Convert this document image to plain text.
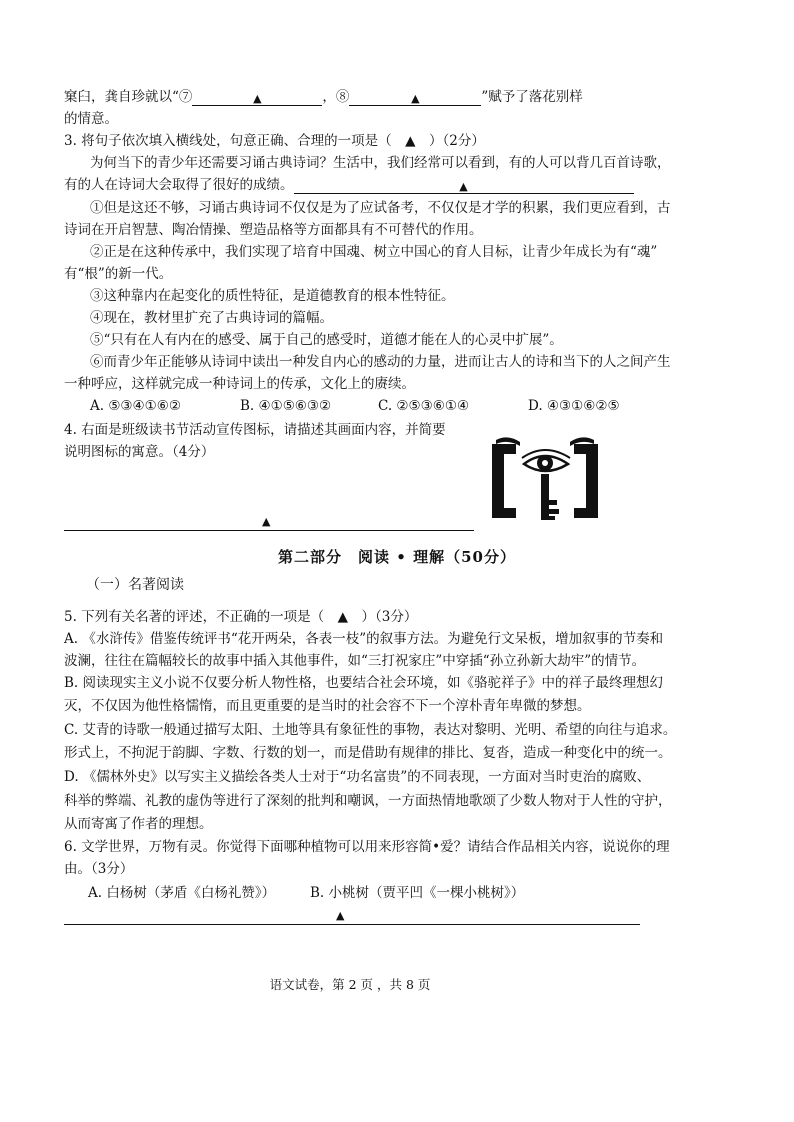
窠臼，龚自珍就以“⑦	▲	，⑧	▲	”赋予了落花别样
的情意。
3. 将句子依次填入横线处，句意正确、合理的一项是（　▲　）（2分）
为何当下的青少年还需要习诵古典诗词？生活中，我们经常可以看到，有的人可以背几百首诗歌，
有的人在诗词大会取得了很好的成绩。	▲
①但是这还不够，习诵古典诗词不仅仅是为了应试备考，不仅仅是才学的积累，我们更应看到，古
诗词在开启智慧、陶冶情操、塑造品格等方面都具有不可替代的作用。
②正是在这种传承中，我们实现了培育中国魂、树立中国心的育人目标，让青少年成长为有“魂”
有“根”的新一代。
③这种靠内在起变化的质性特征，是道德教育的根本性特征。
④现在，教材里扩充了古典诗词的篇幅。
⑤“只有在人有内在的感受、属于自己的感受时，道德才能在人的心灵中扩展”。
⑥而青少年正能够从诗词中读出一种发自内心的感动的力量，进而让古人的诗和当下的人之间产生
一种呼应，这样就完成一种诗词上的传承，文化上的赓续。
A. ⑤③④①⑥②	B. ④①⑤⑥③②	C. ②⑤③⑥①④	D. ④③①⑥②⑤
4. 右面是班级读书节活动宣传图标，请描述其画面内容，并简要
说明图标的寓意。（4分）
▲
第二部分　阅读 • 理解（50分）
（一）名著阅读
5. 下列有关名著的评述，不正确的一项是（　▲　）（3分）
A. 《水浒传》借鉴传统评书“花开两朵，各表一枝”的叙事方法。为避免行文呆板，增加叙事的节奏和
波澜，往往在篇幅较长的故事中插入其他事件，如“三打祝家庄”中穿插“孙立孙新大劫牢”的情节。
B. 阅读现实主义小说不仅要分析人物性格，也要结合社会环境，如《骆驼祥子》中的祥子最终理想幻
灭，不仅因为他性格懦惰，而且更重要的是当时的社会容不下一个淳朴青年卑微的梦想。
C. 艾青的诗歌一般通过描写太阳、土地等具有象征性的事物，表达对黎明、光明、希望的向往与追求。
形式上，不拘泥于韵脚、字数、行数的划一，而是借助有规律的排比、复沓，造成一种变化中的统一。
D. 《儒林外史》以写实主义描绘各类人士对于“功名富贵”的不同表现，一方面对当时吏治的腐败、
科举的弊端、礼教的虚伪等进行了深刻的批判和嘲讽，一方面热情地歌颂了少数人物对于人性的守护，
从而寄寓了作者的理想。
6. 文学世界，万物有灵。你觉得下面哪种植物可以用来形容简•爱？请结合作品相关内容，说说你的理
由。（3分）
A. 白杨树（茅盾《白杨礼赞》）	B. 小桃树（贾平凹《一棵小桃树》）
▲
语文试卷，第 2 页 ，共 8 页
